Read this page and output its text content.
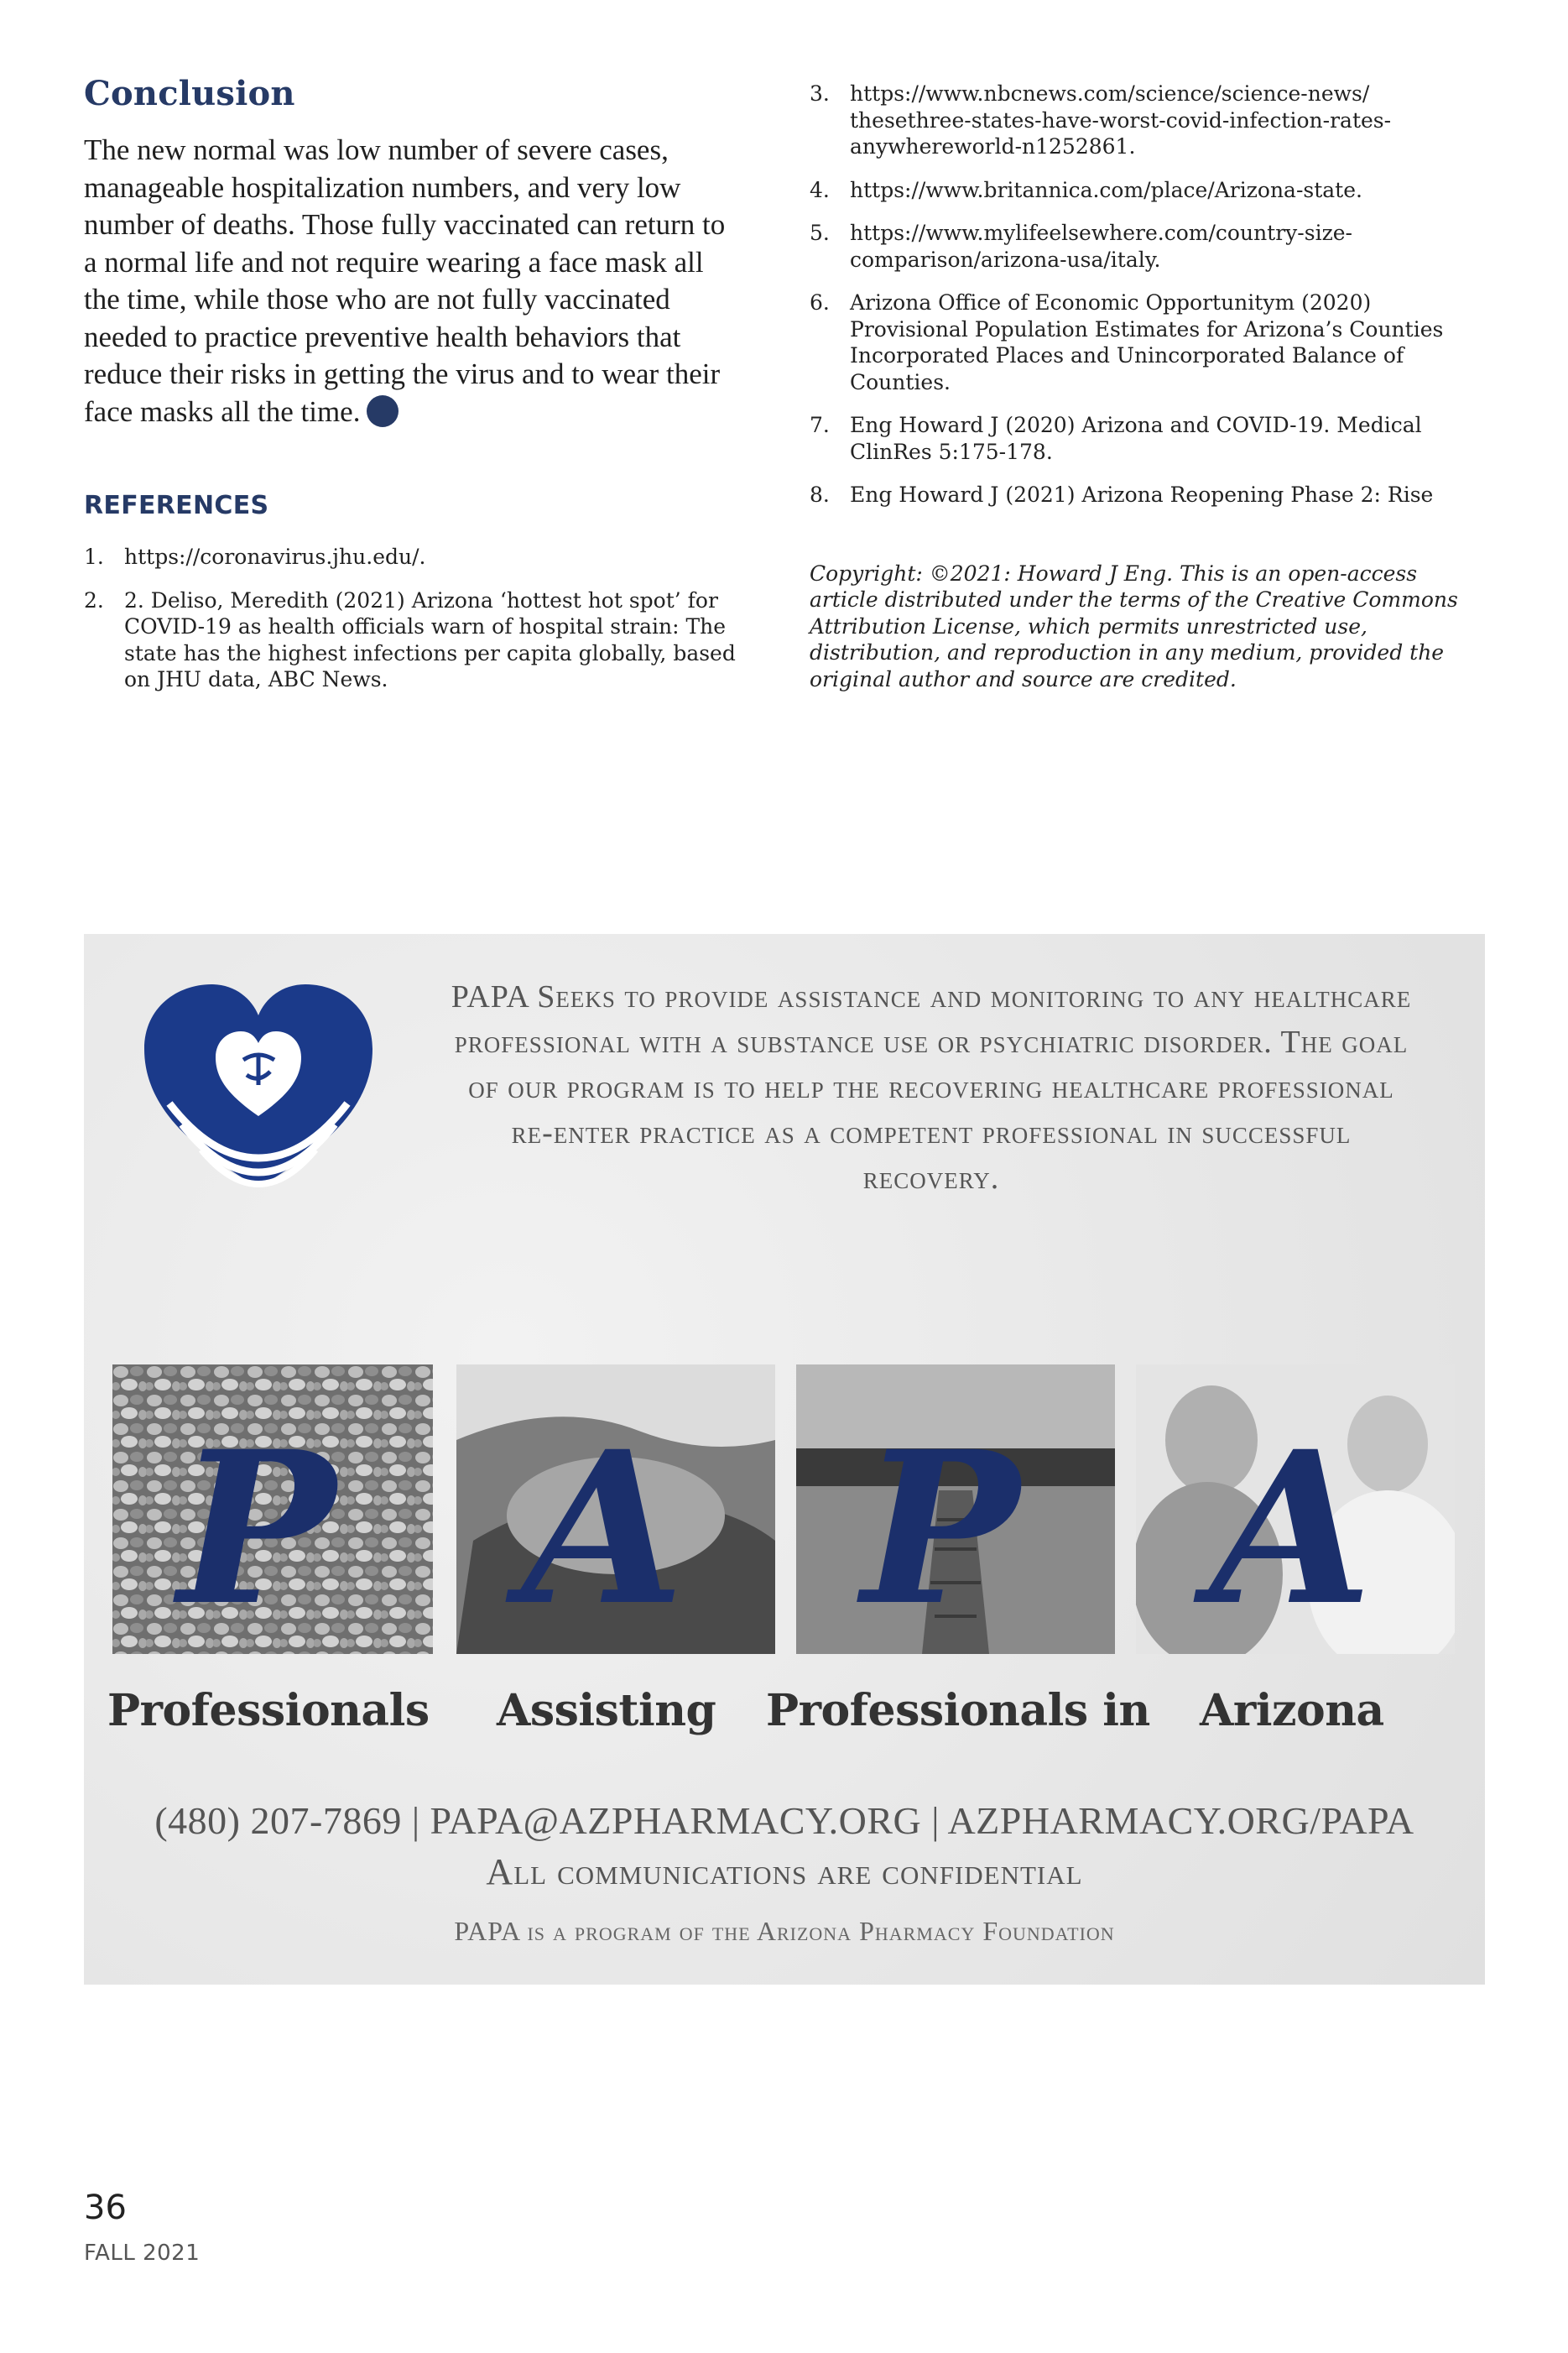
Conclusion

The new normal was low number of severe cases, manageable hospitalization numbers, and very low number of deaths. Those fully vaccinated can return to a normal life and not require wearing a face mask all the time, while those who are not fully vaccinated needed to practice preventive health behaviors that reduce their risks in getting the virus and to wear their face masks all the time.

REFERENCES
1. https://coronavirus.jhu.edu/.
2. 2. Deliso, Meredith (2021) Arizona ‘hottest hot spot’ for COVID-19 as health officials warn of hospital strain: The state has the highest infections per capita globally, based on JHU data, ABC News.
3. https://www.nbcnews.com/science/science-news/ thesethree-states-have-worst-covid-infection-rates- anywhereworld-n1252861.
4. https://www.britannica.com/place/Arizona-state.
5. https://www.mylifeelsewhere.com/country-size- comparison/arizona-usa/italy.
6. Arizona Office of Economic Opportunitym (2020) Provisional Population Estimates for Arizona’s Counties Incorporated Places and Unincorporated Balance of Counties.
7. Eng Howard J (2020) Arizona and COVID-19. Medical ClinRes 5:175-178.
8. Eng Howard J (2021) Arizona Reopening Phase 2: Rise

Copyright: ©2021: Howard J Eng. This is an open-access article distributed under the terms of the Creative Commons Attribution License, which permits unrestricted use, distribution, and reproduction in any medium, provided the original author and source are credited.

PAPA Seeks to provide assistance and monitoring to any healthcare professional with a substance use or psychiatric disorder. The goal of our program is to help the recovering healthcare professional re-enter practice as a competent professional in successful recovery.
P A P A
Professionals Assisting Professionals in Arizona
(480) 207-7869 | PAPA@AZPHARMACY.ORG | AZPHARMACY.ORG/PAPA
All communications are confidential
PAPA is a program of the Arizona Pharmacy Foundation
36
FALL 2021
